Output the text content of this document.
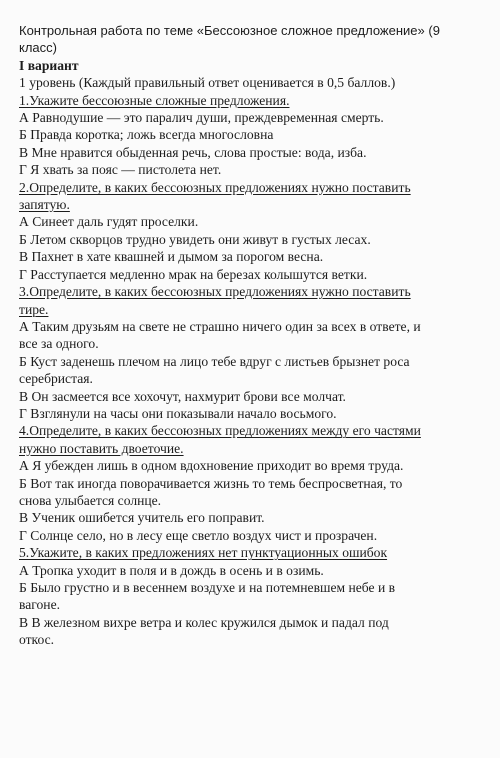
Контрольная работа по теме «Бессоюзное сложное предложение» (9
класс)
I вариант
1 уровень (Каждый правильный ответ оценивается в 0,5 баллов.)
1.Укажите бессоюзные сложные предложения.
А Равнодушие — это паралич души, преждевременная смерть.
Б Правда коротка; ложь всегда многословна
В Мне нравится обыденная речь, слова простые: вода, изба.
Г Я хвать за пояс — пистолета нет.
2.Определите, в каких бессоюзных предложениях нужно поставить
запятую.
А Синеет даль гудят проселки.
Б Летом скворцов трудно увидеть они живут в густых лесах.
В Пахнет в хате квашней и дымом за порогом весна.
Г Расступается медленно мрак на березах колышутся ветки.
3.Определите, в каких бессоюзных предложениях нужно поставить
тире.
А Таким друзьям на свете не страшно ничего один за всех в ответе, и
все за одного.
Б Куст заденешь плечом на лицо тебе вдруг с листьев брызнет роса
серебристая.
В Он засмеется все хохочут, нахмурит брови все молчат.
Г Взглянули на часы они показывали начало восьмого.
4.Определите, в каких бессоюзных предложениях между его частями
нужно поставить двоеточие.
А Я убежден лишь в одном вдохновение приходит во время труда.
Б Вот так иногда поворачивается жизнь то темь беспросветная, то
снова улыбается солнце.
В Ученик ошибется учитель его поправит.
Г Солнце село, но в лесу еще светло воздух чист и прозрачен.
5.Укажите, в каких предложениях нет пунктуационных ошибок
А Тропка уходит в поля и в дождь в осень и в озимь.
Б Было грустно и в весеннем воздухе и на потемневшем небе и в
вагоне.
В В железном вихре ветра и колес кружился дымок и падал под
откос.
